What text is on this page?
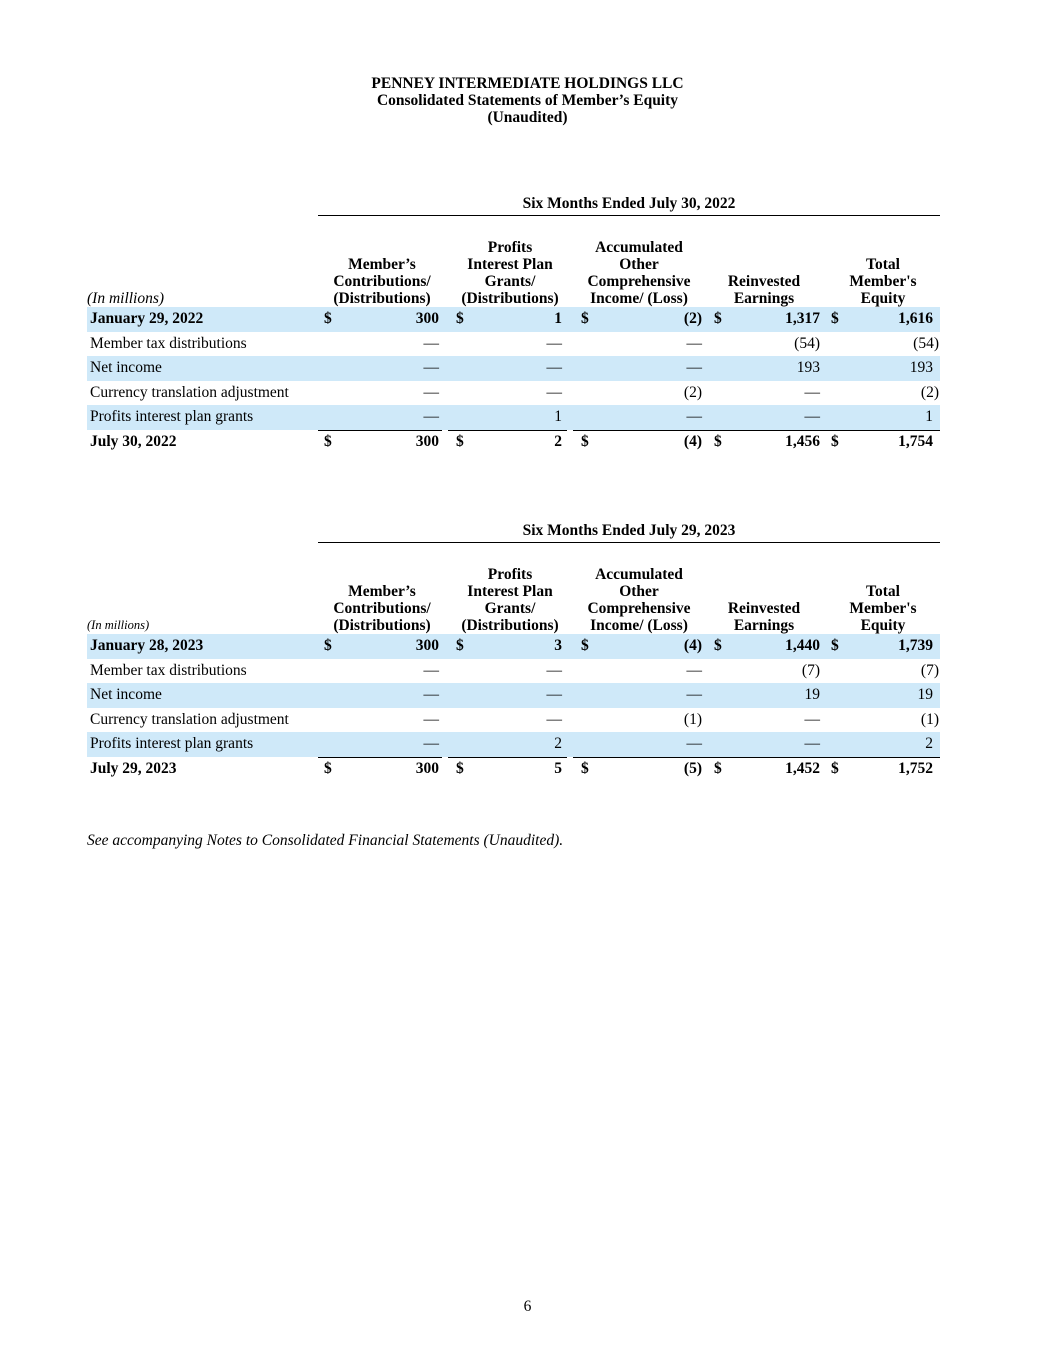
PENNEY INTERMEDIATE HOLDINGS LLC
Consolidated Statements of Member’s Equity
(Unaudited)
Six Months Ended July 30, 2022
(In millions)
Member’s
Contributions/
(Distributions)
Profits
Interest Plan
Grants/
(Distributions)
Accumulated
Other
Comprehensive
Income/ (Loss)
Reinvested
Earnings
Total
Member's
Equity
January 29, 2022	$	300 $	1 $	(2) $	1,317 $	1,616
Member tax distributions	—	—	—	(54)	(54)
Net income	—	—	—	193	193
Currency translation adjustment	—	—	(2)	—	(2)
Profits interest plan grants	—	1	—	—	1
July 30, 2022	$	300 $	2 $	(4) $	1,456 $	1,754
Six Months Ended July 29, 2023
(In millions)
Member’s
Contributions/
(Distributions)
Profits
Interest Plan
Grants/
(Distributions)
Accumulated
Other
Comprehensive
Income/ (Loss)
Reinvested
Earnings
Total
Member's
Equity
January 28, 2023	$	300 $	3 $	(4) $	1,440 $	1,739
Member tax distributions	—	—	—	(7)	(7)
Net income	—	—	—	19	19
Currency translation adjustment	—	—	(1)	—	(1)
Profits interest plan grants	—	2	—	—	2
July 29, 2023	$	300 $	5 $	(5) $	1,452 $	1,752
See accompanying Notes to Consolidated Financial Statements (Unaudited).
6
